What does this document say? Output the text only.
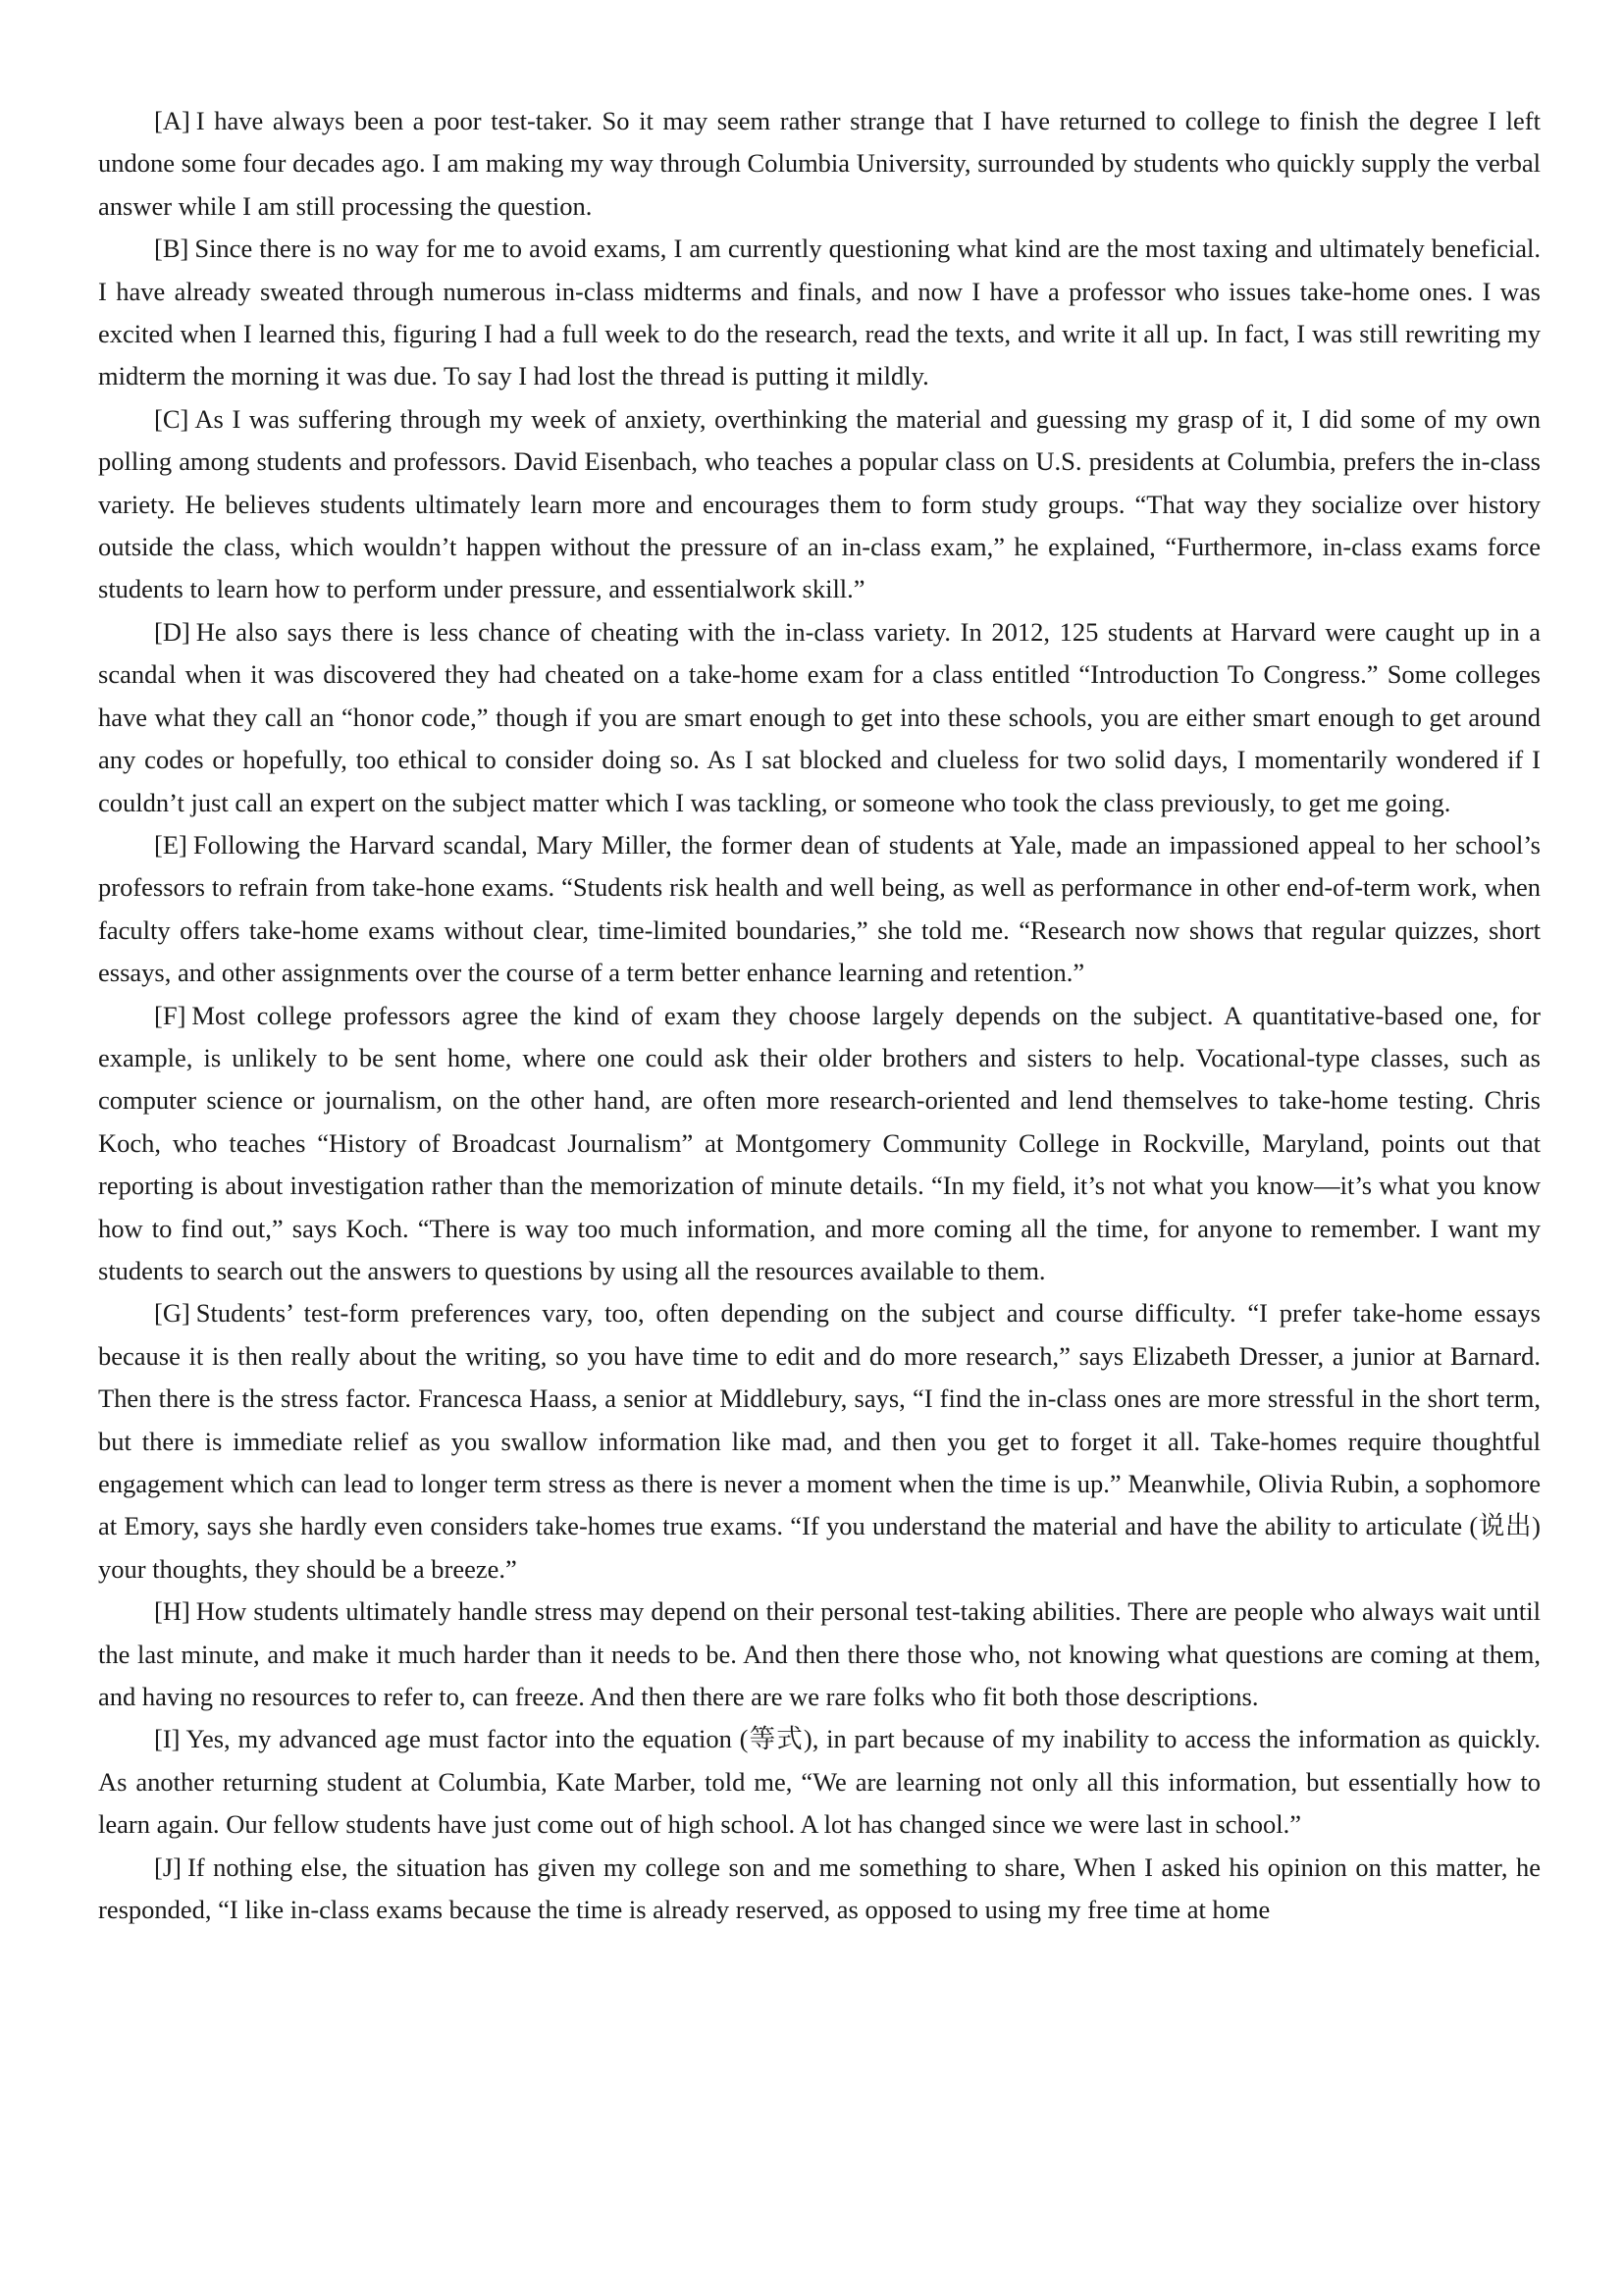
[A] I have always been a poor test-taker. So it may seem rather strange that I have returned to college to finish the degree I left undone some four decades ago. I am making my way through Columbia University, surrounded by students who quickly supply the verbal answer while I am still processing the question.

[B] Since there is no way for me to avoid exams, I am currently questioning what kind are the most taxing and ultimately beneficial. I have already sweated through numerous in-class midterms and finals, and now I have a professor who issues take-home ones. I was excited when I learned this, figuring I had a full week to do the research, read the texts, and write it all up. In fact, I was still rewriting my midterm the morning it was due. To say I had lost the thread is putting it mildly.

[C] As I was suffering through my week of anxiety, overthinking the material and guessing my grasp of it, I did some of my own polling among students and professors. David Eisenbach, who teaches a popular class on U.S. presidents at Columbia, prefers the in-class variety. He believes students ultimately learn more and encourages them to form study groups. “That way they socialize over history outside the class, which wouldn’t happen without the pressure of an in-class exam,” he explained, “Furthermore, in-class exams force students to learn how to perform under pressure, and essentialwork skill.”

[D] He also says there is less chance of cheating with the in-class variety. In 2012, 125 students at Harvard were caught up in a scandal when it was discovered they had cheated on a take-home exam for a class entitled “Introduction To Congress.” Some colleges have what they call an “honor code,” though if you are smart enough to get into these schools, you are either smart enough to get around any codes or hopefully, too ethical to consider doing so. As I sat blocked and clueless for two solid days, I momentarily wondered if I couldn’t just call an expert on the subject matter which I was tackling, or someone who took the class previously, to get me going.

[E] Following the Harvard scandal, Mary Miller, the former dean of students at Yale, made an impassioned appeal to her school’s professors to refrain from take-hone exams. “Students risk health and well being, as well as performance in other end-of-term work, when faculty offers take-home exams without clear, time-limited boundaries,” she told me. “Research now shows that regular quizzes, short essays, and other assignments over the course of a term better enhance learning and retention.”

[F] Most college professors agree the kind of exam they choose largely depends on the subject. A quantitative-based one, for example, is unlikely to be sent home, where one could ask their older brothers and sisters to help. Vocational-type classes, such as computer science or journalism, on the other hand, are often more research-oriented and lend themselves to take-home testing. Chris Koch, who teaches “History of Broadcast Journalism” at Montgomery Community College in Rockville, Maryland, points out that reporting is about investigation rather than the memorization of minute details. “In my field, it’s not what you know—it’s what you know how to find out,” says Koch. “There is way too much information, and more coming all the time, for anyone to remember. I want my students to search out the answers to questions by using all the resources available to them.

[G] Students’ test-form preferences vary, too, often depending on the subject and course difficulty. “I prefer take-home essays because it is then really about the writing, so you have time to edit and do more research,” says Elizabeth Dresser, a junior at Barnard. Then there is the stress factor. Francesca Haass, a senior at Middlebury, says, “I find the in-class ones are more stressful in the short term, but there is immediate relief as you swallow information like mad, and then you get to forget it all. Take-homes require thoughtful engagement which can lead to longer term stress as there is never a moment when the time is up.” Meanwhile, Olivia Rubin, a sophomore at Emory, says she hardly even considers take-homes true exams. “If you understand the material and have the ability to articulate (说出) your thoughts, they should be a breeze.”

[H] How students ultimately handle stress may depend on their personal test-taking abilities. There are people who always wait until the last minute, and make it much harder than it needs to be. And then there those who, not knowing what questions are coming at them, and having no resources to refer to, can freeze. And then there are we rare folks who fit both those descriptions.

[I] Yes, my advanced age must factor into the equation (等式), in part because of my inability to access the information as quickly. As another returning student at Columbia, Kate Marber, told me, “We are learning not only all this information, but essentially how to learn again. Our fellow students have just come out of high school. A lot has changed since we were last in school.”

[J] If nothing else, the situation has given my college son and me something to share, When I asked his opinion on this matter, he responded, “I like in-class exams because the time is already reserved, as opposed to using my free time at home
